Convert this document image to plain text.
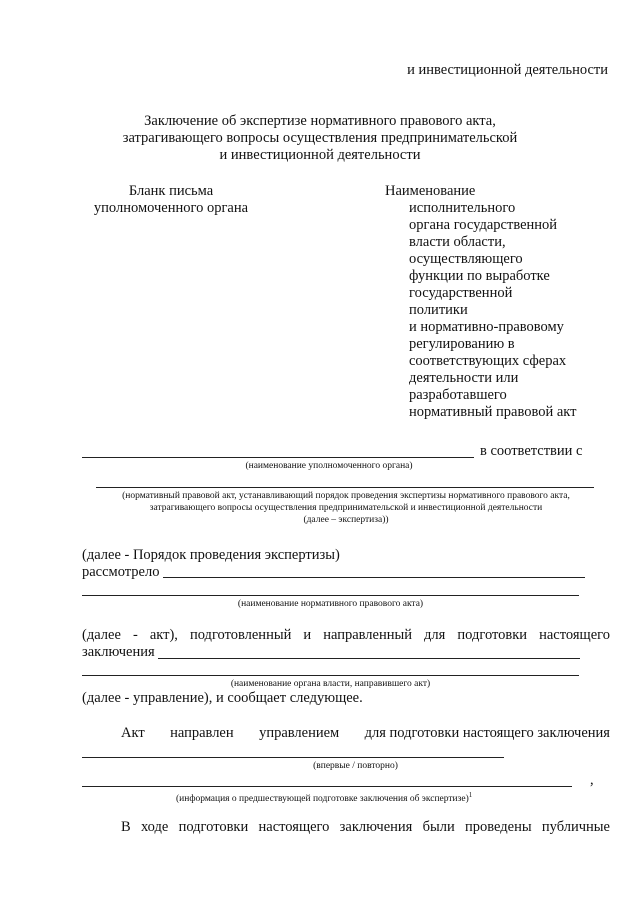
и инвестиционной деятельности
Заключение об экспертизе нормативного правового акта,
затрагивающего вопросы осуществления предпринимательской
и инвестиционной деятельности
Бланк письма
уполномоченного органа
Наименование
исполнительного
органа государственной
власти области,
осуществляющего
функции по выработке
государственной
политики
и нормативно-правовому
регулированию в
соответствующих сферах
деятельности или
разработавшего
нормативный правовой акт
в соответствии с
(наименование уполномоченного органа)
(нормативный правовой акт, устанавливающий порядок проведения экспертизы нормативного правового акта,
затрагивающего вопросы осуществления предпринимательской и инвестиционной деятельности
(далее – экспертиза))
(далее - Порядок проведения экспертизы)
рассмотрело
(наименование нормативного правового акта)
(далее - акт), подготовленный и направленный для подготовки настоящего
заключения
(наименование органа власти, направившего акт)
(далее - управление), и сообщает следующее.
Акт направлен управлением для подготовки настоящего заключения
(впервые / повторно)
,
(информация о предшествующей подготовке заключения об экспертизе)$^1$
В ходе подготовки настоящего заключения были проведены публичные
